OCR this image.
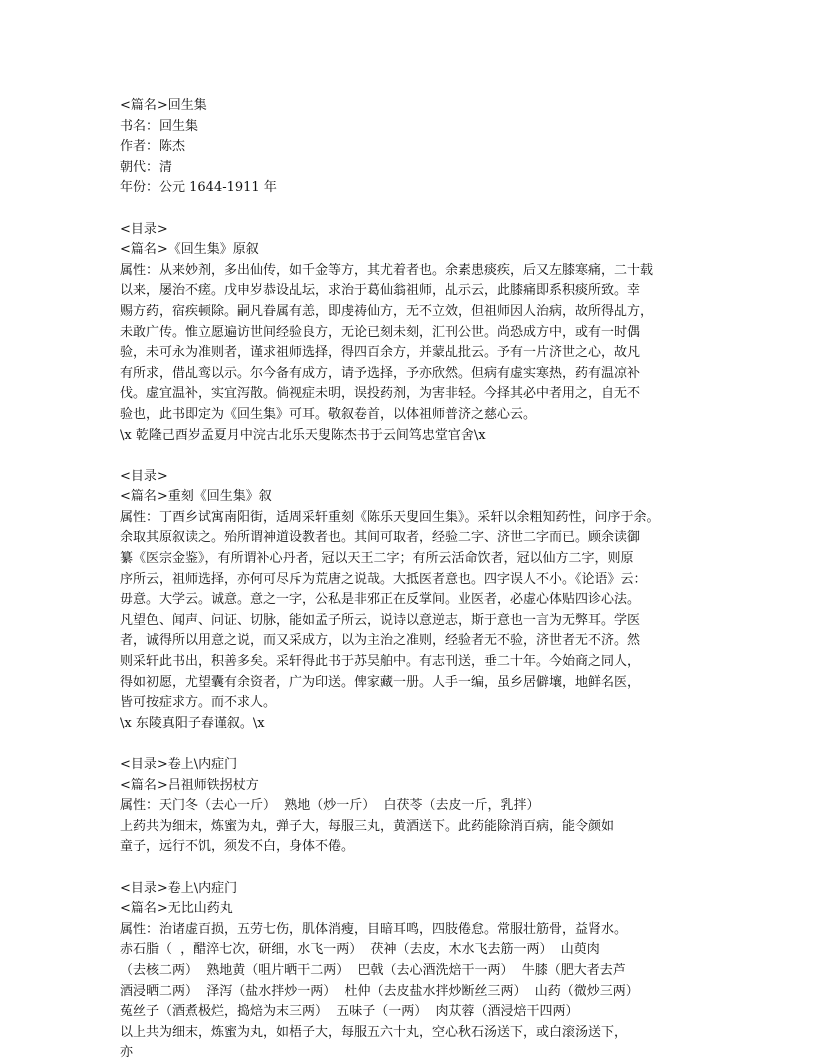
<篇名>回生集
书名：回生集
作者：陈杰
朝代：清
年份：公元 1644-1911 年
<目录>
<篇名>《回生集》原叙
属性：从来妙剂，多出仙传，如千金等方，其尤着者也。余素患痰疾，后又左膝寒痛，二十载
以来，屡治不瘥。戊申岁恭设乩坛，求治于葛仙翁祖师，乩示云，此膝痛即系积痰所致。幸
赐方药，宿疾顿除。嗣凡眷属有恙，即虔祷仙方，无不立效，但祖师因人治病，故所得乩方，
未敢广传。惟立愿遍访世间经验良方，无论已刻未刻，汇刊公世。尚恐成方中，或有一时偶
验，未可永为准则者，谨求祖师选择，得四百余方，并蒙乩批云。予有一片济世之心，故凡
有所求，借乩鸾以示。尔今备有成方，请予选择，予亦欣然。但病有虚实寒热，药有温凉补
伐。虚宜温补，实宜泻散。倘视症未明，误投药剂，为害非轻。今择其必中者用之，自无不
验也，此书即定为《回生集》可耳。敬叙卷首，以体祖师普济之慈心云。
\x 乾隆己酉岁孟夏月中浣古北乐天叟陈杰书于云间笃忠堂官舍\x
<目录>
<篇名>重刻《回生集》叙
属性：丁酉乡试寓南阳街，适周采轩重刻《陈乐天叟回生集》。采轩以余粗知药性，问序于余。
余取其原叙读之。殆所谓神道设教者也。其间可取者，经验二字、济世二字而已。顾余读御
纂《医宗金鉴》，有所谓补心丹者，冠以天王二字；有所云活命饮者，冠以仙方二字，则原
序所云，祖师选择，亦何可尽斥为荒唐之说哉。大抵医者意也。四字误人不小。《论语》云：
毋意。大学云。诚意。意之一字，公私是非邪正在反掌间。业医者，必虚心体贴四诊心法。
凡望色、闻声、问证、切脉，能如孟子所云，说诗以意逆志，斯于意也一言为无弊耳。学医
者，诚得所以用意之说，而又采成方，以为主治之准则，经验者无不验，济世者无不济。然
则采轩此书出，积善多矣。采轩得此书于苏吴舶中。有志刊送，垂二十年。今始商之同人，
得如初愿，尤望囊有余资者，广为印送。俾家藏一册。人手一编，虽乡居僻壤，地鲜名医，
皆可按症求方。而不求人。
\x 东陵真阳子春谨叙。\x
<目录>卷上\内症门
<篇名>吕祖师铁拐杖方
属性：天门冬（去心一斤）  熟地（炒一斤）  白茯苓（去皮一斤，乳拌）
上药共为细末，炼蜜为丸，弹子大，每服三丸，黄酒送下。此药能除消百病，能令颜如
童子，远行不饥，须发不白，身体不倦。
<目录>卷上\内症门
<篇名>无比山药丸
属性：治诸虚百损，五劳七伤，肌体消瘦，目暗耳鸣，四肢倦怠。常服壮筋骨，益肾水。
赤石脂（  ，醋淬七次，研细，水飞一两）  茯神（去皮，木水飞去筋一两）  山萸肉
（去核二两）  熟地黄（咀片晒干二两）  巴戟（去心酒洗焙干一两）  牛膝（肥大者去芦
酒浸晒二两）  泽泻（盐水拌炒一两）  杜仲（去皮盐水拌炒断丝三两）  山药（微炒三两）
菟丝子（酒煮极烂，捣焙为末三两）  五味子（一两）  肉苁蓉（酒浸焙干四两）
以上共为细末，炼蜜为丸，如梧子大，每服五六十丸，空心秋石汤送下，或白滚汤送下，
亦
